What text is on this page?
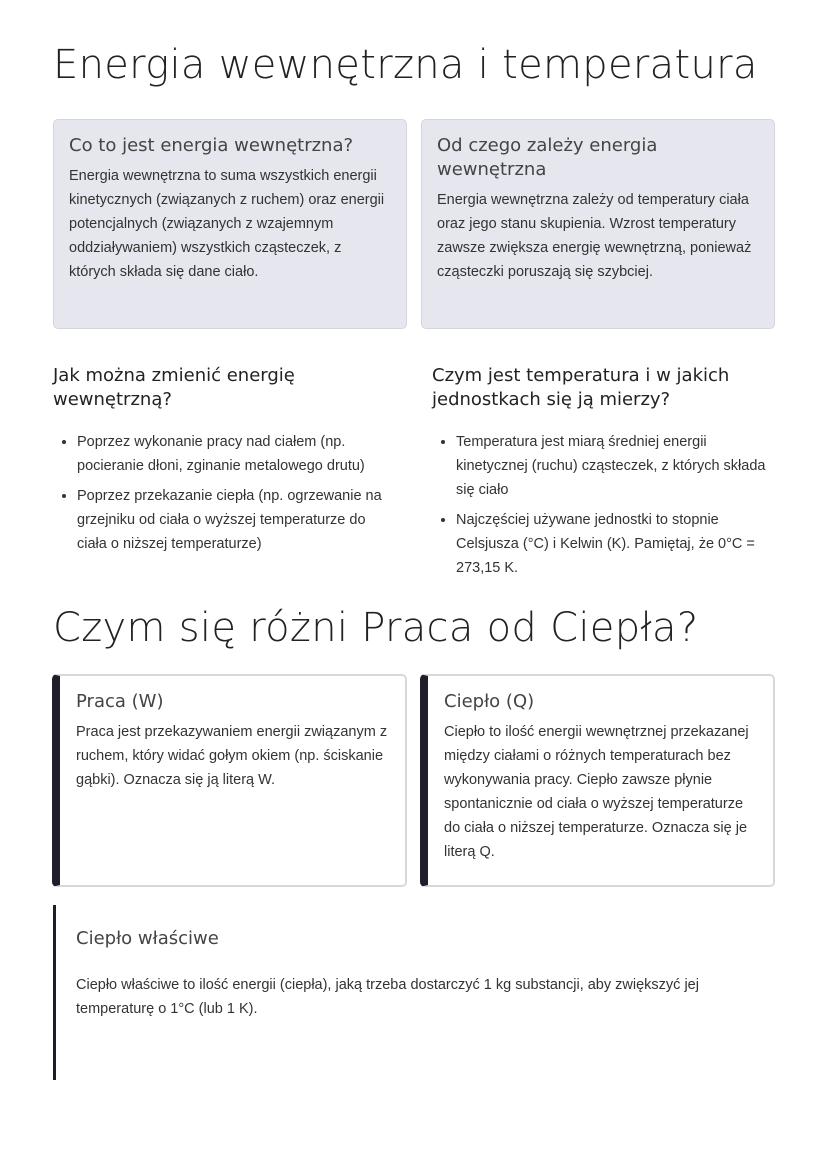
Energia wewnętrzna i temperatura
Co to jest energia wewnętrzna?

Energia wewnętrzna to suma wszystkich energii kinetycznych (związanych z ruchem) oraz energii potencjalnych (związanych z wzajemnym oddziaływaniem) wszystkich cząsteczek, z których składa się dane ciało.

Od czego zależy energia wewnętrzna

Energia wewnętrzna zależy od temperatury ciała oraz jego stanu skupienia. Wzrost temperatury zawsze zwiększa energię wewnętrzną, ponieważ cząsteczki poruszają się szybciej.

Jak można zmienić energię wewnętrzną?
• Poprzez wykonanie pracy nad ciałem (np. pocieranie dłoni, zginanie metalowego drutu)
• Poprzez przekazanie ciepła (np. ogrzewanie na grzejniku od ciała o wyższej temperaturze do ciała o niższej temperaturze)
Czym jest temperatura i w jakich jednostkach się ją mierzy?
• Temperatura jest miarą średniej energii kinetycznej (ruchu) cząsteczek, z których składa się ciało
• Najczęściej używane jednostki to stopnie Celsjusza (°C) i Kelwin (K). Pamiętaj, że 0°C = 273,15 K.
Czym się różni Praca od Ciepła?
Praca (W)

Praca jest przekazywaniem energii związanym z ruchem, który widać gołym okiem (np. ściskanie gąbki). Oznacza się ją literą W.

Ciepło (Q)

Ciepło to ilość energii wewnętrznej przekazanej między ciałami o różnych temperaturach bez wykonywania pracy. Ciepło zawsze płynie spontanicznie od ciała o wyższej temperaturze do ciała o niższej temperaturze. Oznacza się je literą Q.

Ciepło właściwe

Ciepło właściwe to ilość energii (ciepła), jaką trzeba dostarczyć 1 kg substancji, aby zwiększyć jej temperaturę o 1°C (lub 1 K).
